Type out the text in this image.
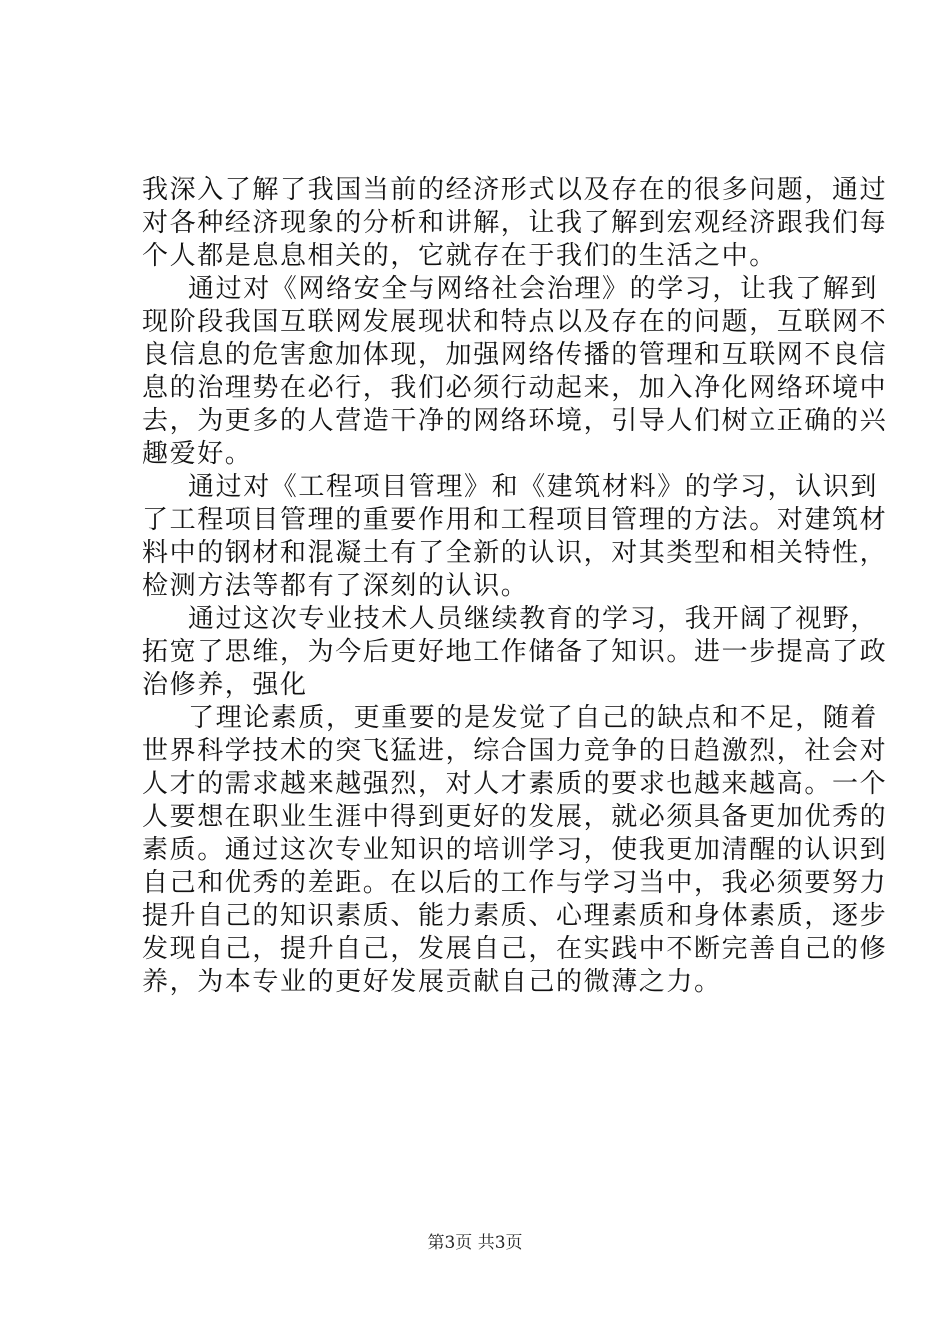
我深入了解了我国当前的经济形式以及存在的很多问题，通过
对各种经济现象的分析和讲解，让我了解到宏观经济跟我们每
个人都是息息相关的，它就存在于我们的生活之中。
通过对《网络安全与网络社会治理》的学习，让我了解到
现阶段我国互联网发展现状和特点以及存在的问题，互联网不
良信息的危害愈加体现，加强网络传播的管理和互联网不良信
息的治理势在必行，我们必须行动起来，加入净化网络环境中
去，为更多的人营造干净的网络环境，引导人们树立正确的兴
趣爱好。
通过对《工程项目管理》和《建筑材料》的学习，认识到
了工程项目管理的重要作用和工程项目管理的方法。对建筑材
料中的钢材和混凝土有了全新的认识，对其类型和相关特性，
检测方法等都有了深刻的认识。
通过这次专业技术人员继续教育的学习，我开阔了视野，
拓宽了思维，为今后更好地工作储备了知识。进一步提高了政
治修养，强化
了理论素质，更重要的是发觉了自己的缺点和不足，随着
世界科学技术的突飞猛进，综合国力竞争的日趋激烈，社会对
人才的需求越来越强烈，对人才素质的要求也越来越高。一个
人要想在职业生涯中得到更好的发展，就必须具备更加优秀的
素质。通过这次专业知识的培训学习，使我更加清醒的认识到
自己和优秀的差距。在以后的工作与学习当中，我必须要努力
提升自己的知识素质、能力素质、心理素质和身体素质，逐步
发现自己，提升自己，发展自己，在实践中不断完善自己的修
养，为本专业的更好发展贡献自己的微薄之力。
第3页 共3页
